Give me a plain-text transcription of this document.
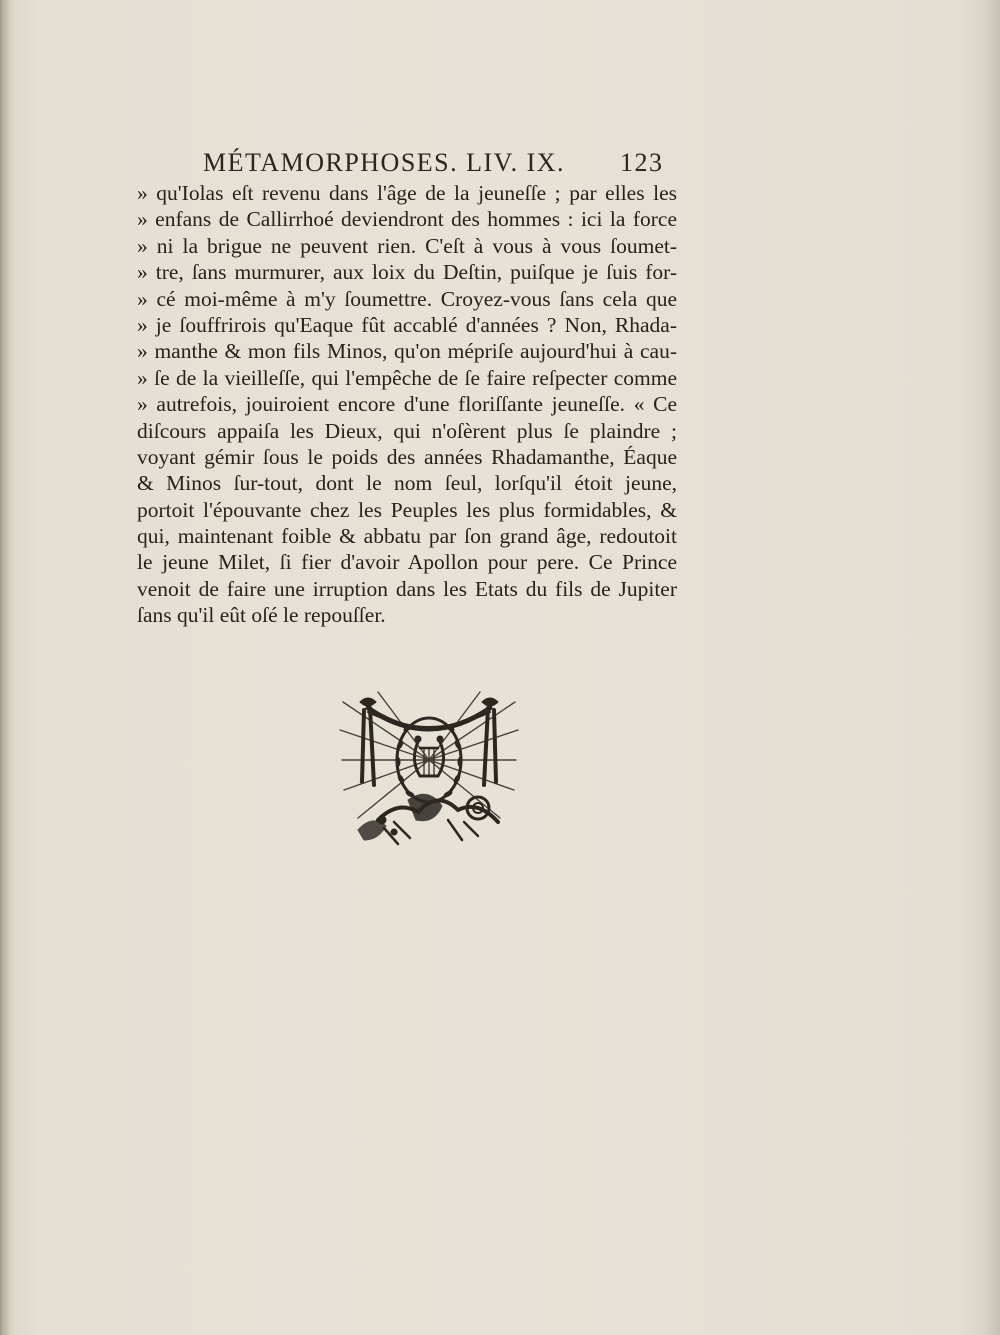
MÉTAMORPHOSES. LIV. IX. 123
» qu'Iolas eſt revenu dans l'âge de la jeuneſſe ; par elles les
» enfans de Callirrhoé deviendront des hommes : ici la force
» ni la brigue ne peuvent rien. C'eſt à vous à vous ſoumet-
» tre, ſans murmurer, aux loix du Deſtin, puiſque je ſuis for-
» cé moi-même à m'y ſoumettre. Croyez-vous ſans cela que
» je ſouffrirois qu'Eaque fût accablé d'années ? Non, Rhada-
» manthe & mon fils Minos, qu'on mépriſe aujourd'hui à cau-
» ſe de la vieilleſſe, qui l'empêche de ſe faire reſpecter comme
» autrefois, jouiroient encore d'une floriſſante jeuneſſe. « Ce
diſcours appaiſa les Dieux, qui n'oſèrent plus ſe plaindre ;
voyant gémir ſous le poids des années Rhadamanthe, Éaque
& Minos ſur-tout, dont le nom ſeul, lorſqu'il étoit jeune,
portoit l'épouvante chez les Peuples les plus formidables, &
qui, maintenant foible & abbatu par ſon grand âge, redoutoit
le jeune Milet, ſi fier d'avoir Apollon pour pere. Ce Prince
venoit de faire une irruption dans les Etats du fils de Jupiter
ſans qu'il eût oſé le repouſſer.
